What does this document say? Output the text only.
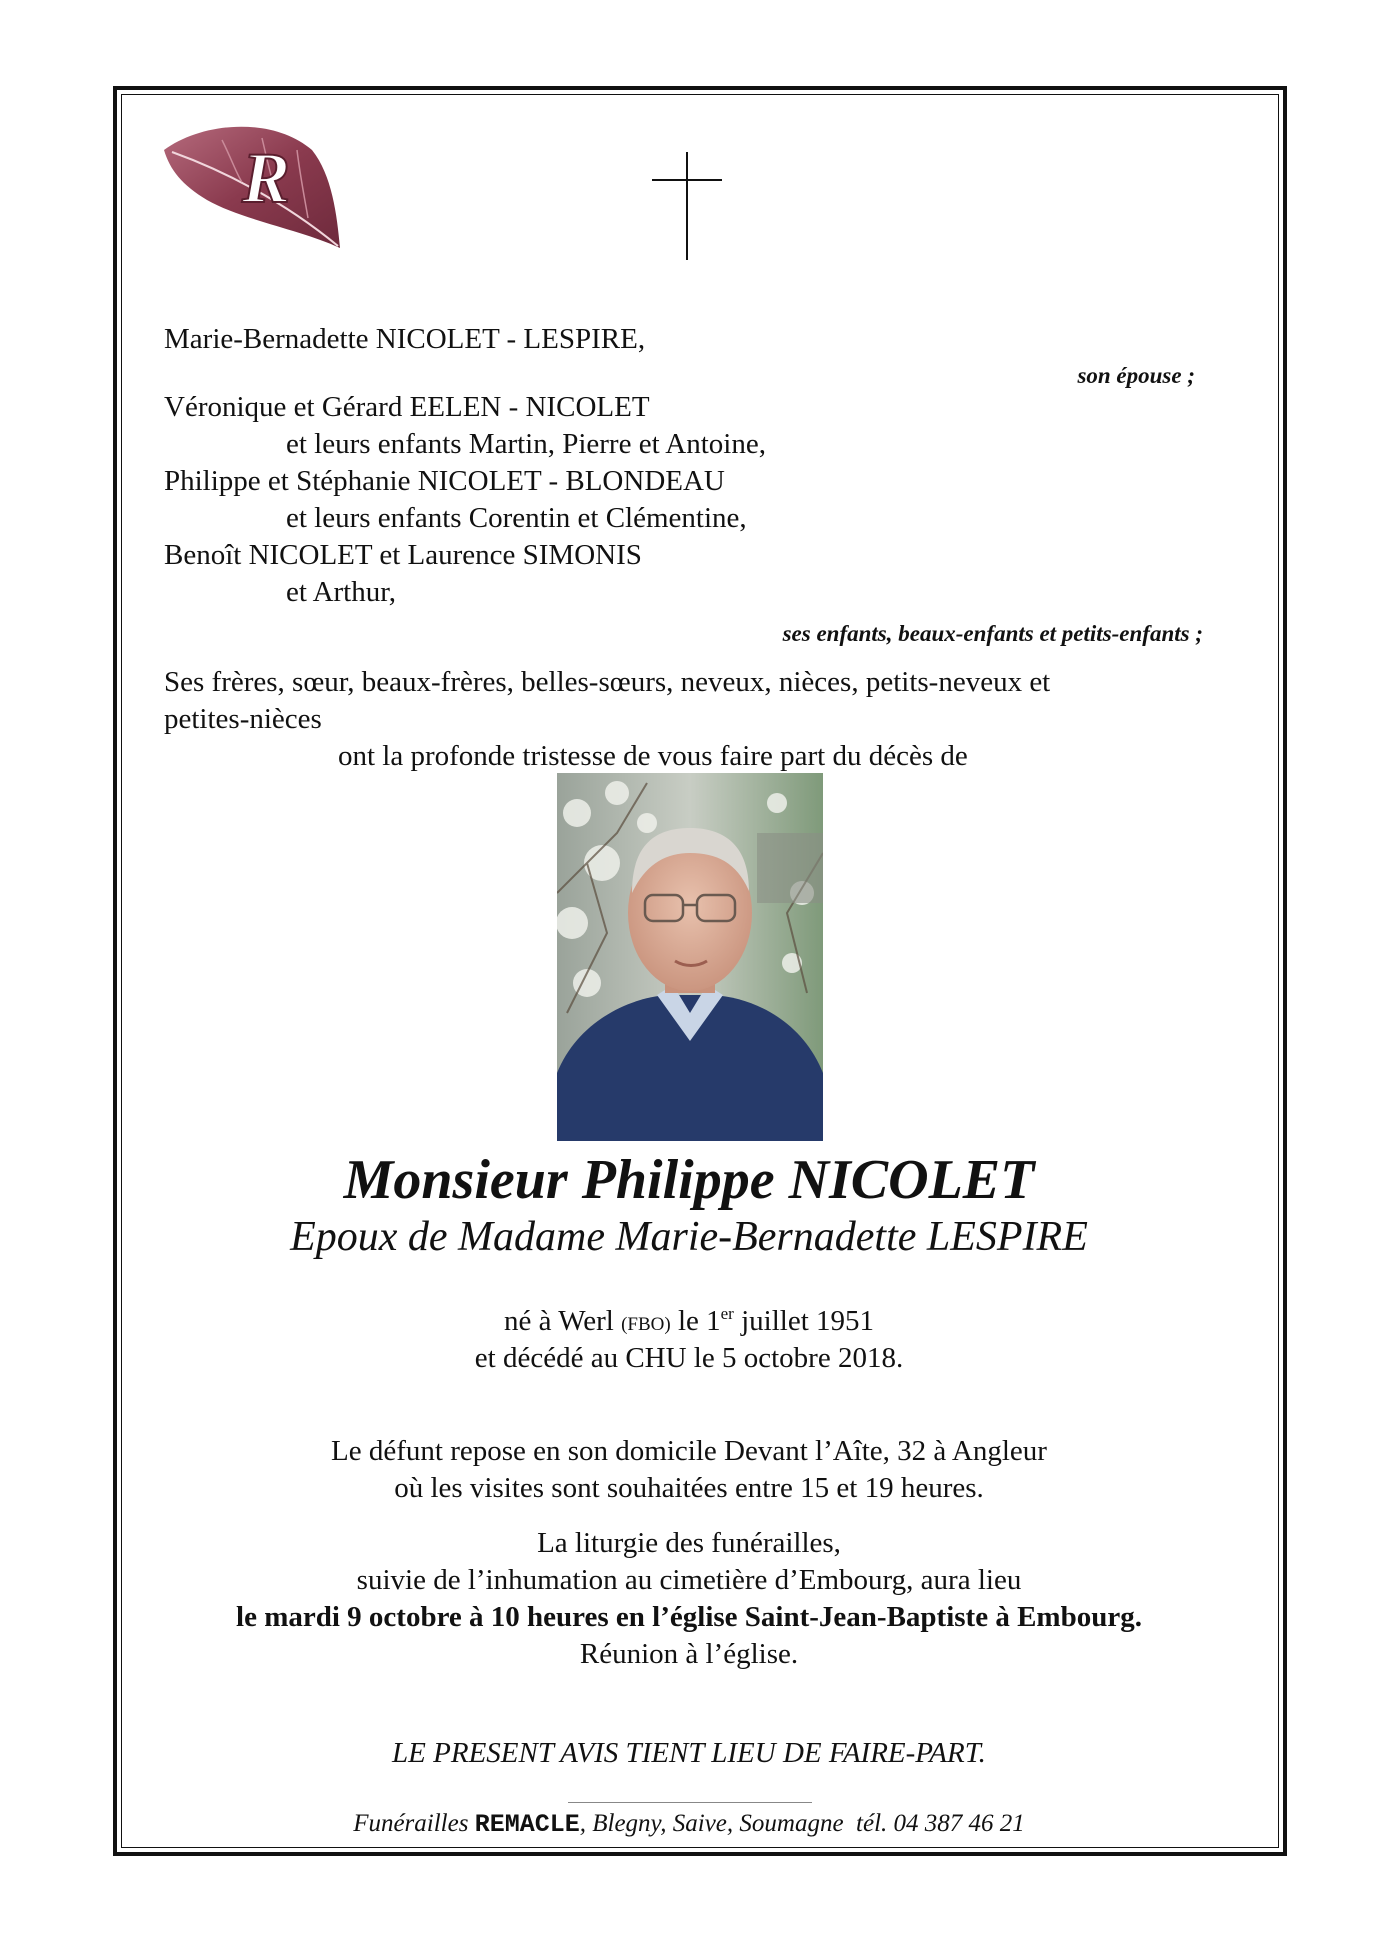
R
Marie-Bernadette NICOLET - LESPIRE,
son épouse ;
Véronique et Gérard EELEN - NICOLET
et leurs enfants Martin, Pierre et Antoine,
Philippe et Stéphanie NICOLET - BLONDEAU
et leurs enfants Corentin et Clémentine,
Benoît NICOLET et Laurence SIMONIS
et Arthur,
ses enfants, beaux-enfants et petits-enfants ;
Ses frères, sœur, beaux-frères, belles-sœurs, neveux, nièces, petits-neveux et
petites-nièces
ont la profonde tristesse de vous faire part du décès de
Monsieur Philippe NICOLET
Epoux de Madame Marie-Bernadette LESPIRE
né à Werl (FBO) le 1er juillet 1951
et décédé au CHU le 5 octobre 2018.
Le défunt repose en son domicile Devant l’Aîte, 32 à Angleur
où les visites sont souhaitées entre 15 et 19 heures.
La liturgie des funérailles,
suivie de l’inhumation au cimetière d’Embourg, aura lieu
le mardi 9 octobre à 10 heures en l’église Saint-Jean-Baptiste à Embourg.
Réunion à l’église.
LE PRESENT AVIS TIENT LIEU DE FAIRE-PART.
Funérailles REMACLE, Blegny, Saive, Soumagne  tél. 04 387 46 21
